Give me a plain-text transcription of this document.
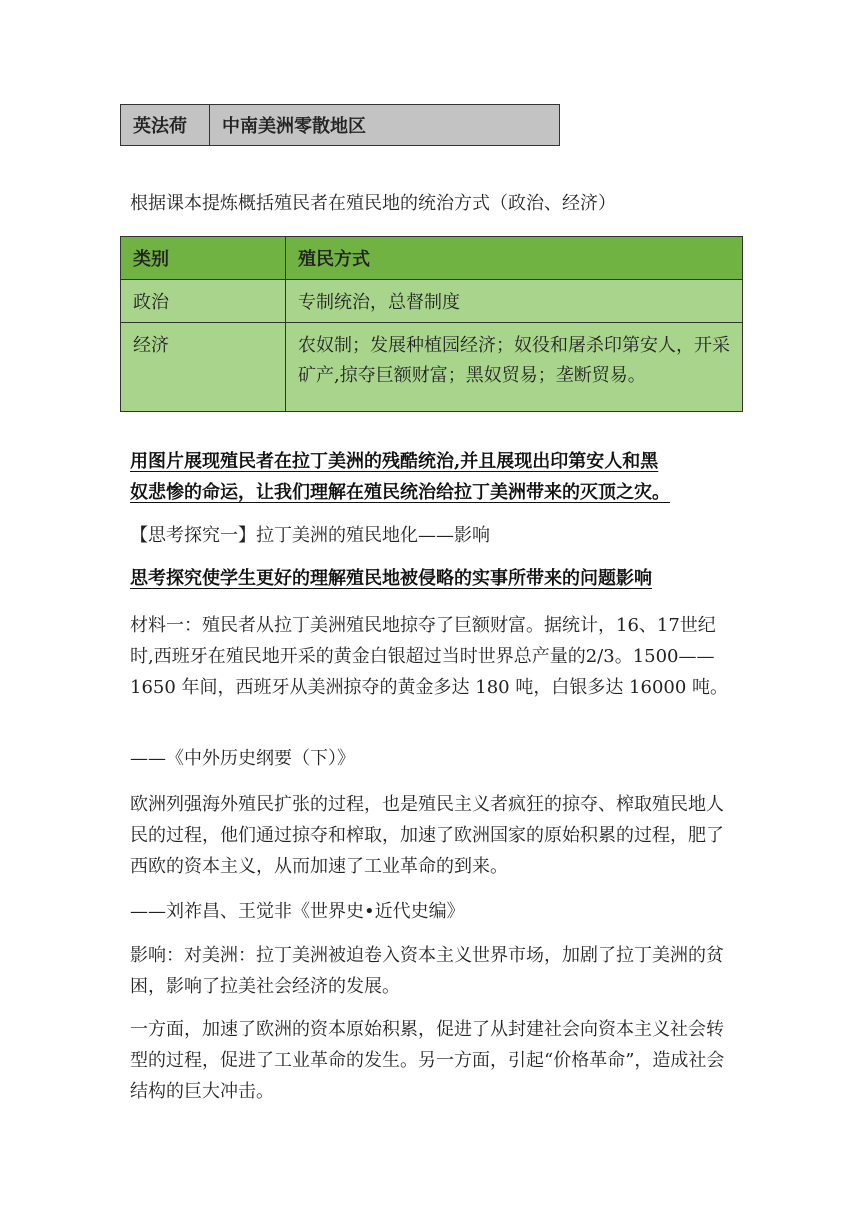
英法荷	中南美洲零散地区
根据课本提炼概括殖民者在殖民地的统治方式（政治、经济）
类别	殖民方式
政治	专制统治，总督制度
经济	农奴制；发展种植园经济；奴役和屠杀印第安人，开采矿产,掠夺巨额财富；黑奴贸易；垄断贸易。
用图片展现殖民者在拉丁美洲的残酷统治,并且展现出印第安人和黑
奴悲惨的命运，让我们理解在殖民统治给拉丁美洲带来的灭顶之灾。
【思考探究一】拉丁美洲的殖民地化——影响
思考探究使学生更好的理解殖民地被侵略的实事所带来的问题影响
材料一：殖民者从拉丁美洲殖民地掠夺了巨额财富。据统计，16、17世纪时,西班牙在殖民地开采的黄金白银超过当时世界总产量的2/3。1500——1650 年间，西班牙从美洲掠夺的黄金多达 180 吨，白银多达 16000 吨。
——《中外历史纲要（下）》
欧洲列强海外殖民扩张的过程，也是殖民主义者疯狂的掠夺、榨取殖民地人民的过程，他们通过掠夺和榨取，加速了欧洲国家的原始积累的过程，肥了西欧的资本主义，从而加速了工业革命的到来。
——刘祚昌、王觉非《世界史•近代史编》
影响：对美洲：拉丁美洲被迫卷入资本主义世界市场，加剧了拉丁美洲的贫困，影响了拉美社会经济的发展。
一方面，加速了欧洲的资本原始积累，促进了从封建社会向资本主义社会转型的过程，促进了工业革命的发生。另一方面，引起“价格革命”，造成社会结构的巨大冲击。
